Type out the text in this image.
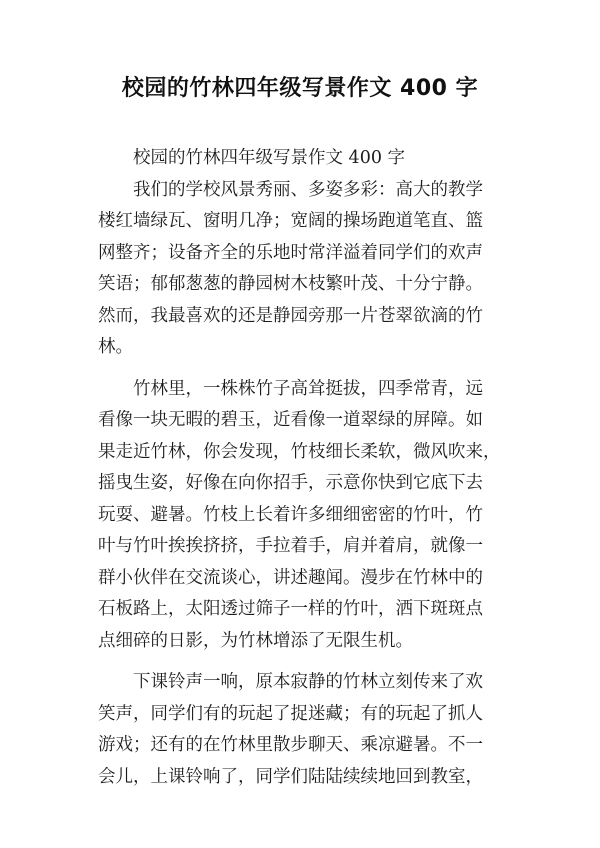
校园的竹林四年级写景作文 400 字
校园的竹林四年级写景作文 400 字
我们的学校风景秀丽、多姿多彩：高大的教学
楼红墙绿瓦、窗明几净；宽阔的操场跑道笔直、篮
网整齐；设备齐全的乐地时常洋溢着同学们的欢声
笑语；郁郁葱葱的静园树木枝繁叶茂、十分宁静。
然而，我最喜欢的还是静园旁那一片苍翠欲滴的竹
林。
竹林里，一株株竹子高耸挺拔，四季常青，远
看像一块无暇的碧玉，近看像一道翠绿的屏障。如
果走近竹林，你会发现，竹枝细长柔软，微风吹来，
摇曳生姿，好像在向你招手，示意你快到它底下去
玩耍、避暑。竹枝上长着许多细细密密的竹叶，竹
叶与竹叶挨挨挤挤，手拉着手，肩并着肩，就像一
群小伙伴在交流谈心，讲述趣闻。漫步在竹林中的
石板路上，太阳透过筛子一样的竹叶，洒下斑斑点
点细碎的日影，为竹林增添了无限生机。
下课铃声一响，原本寂静的竹林立刻传来了欢
笑声，同学们有的玩起了捉迷藏；有的玩起了抓人
游戏；还有的在竹林里散步聊天、乘凉避暑。不一
会儿，上课铃响了，同学们陆陆续续地回到教室，
